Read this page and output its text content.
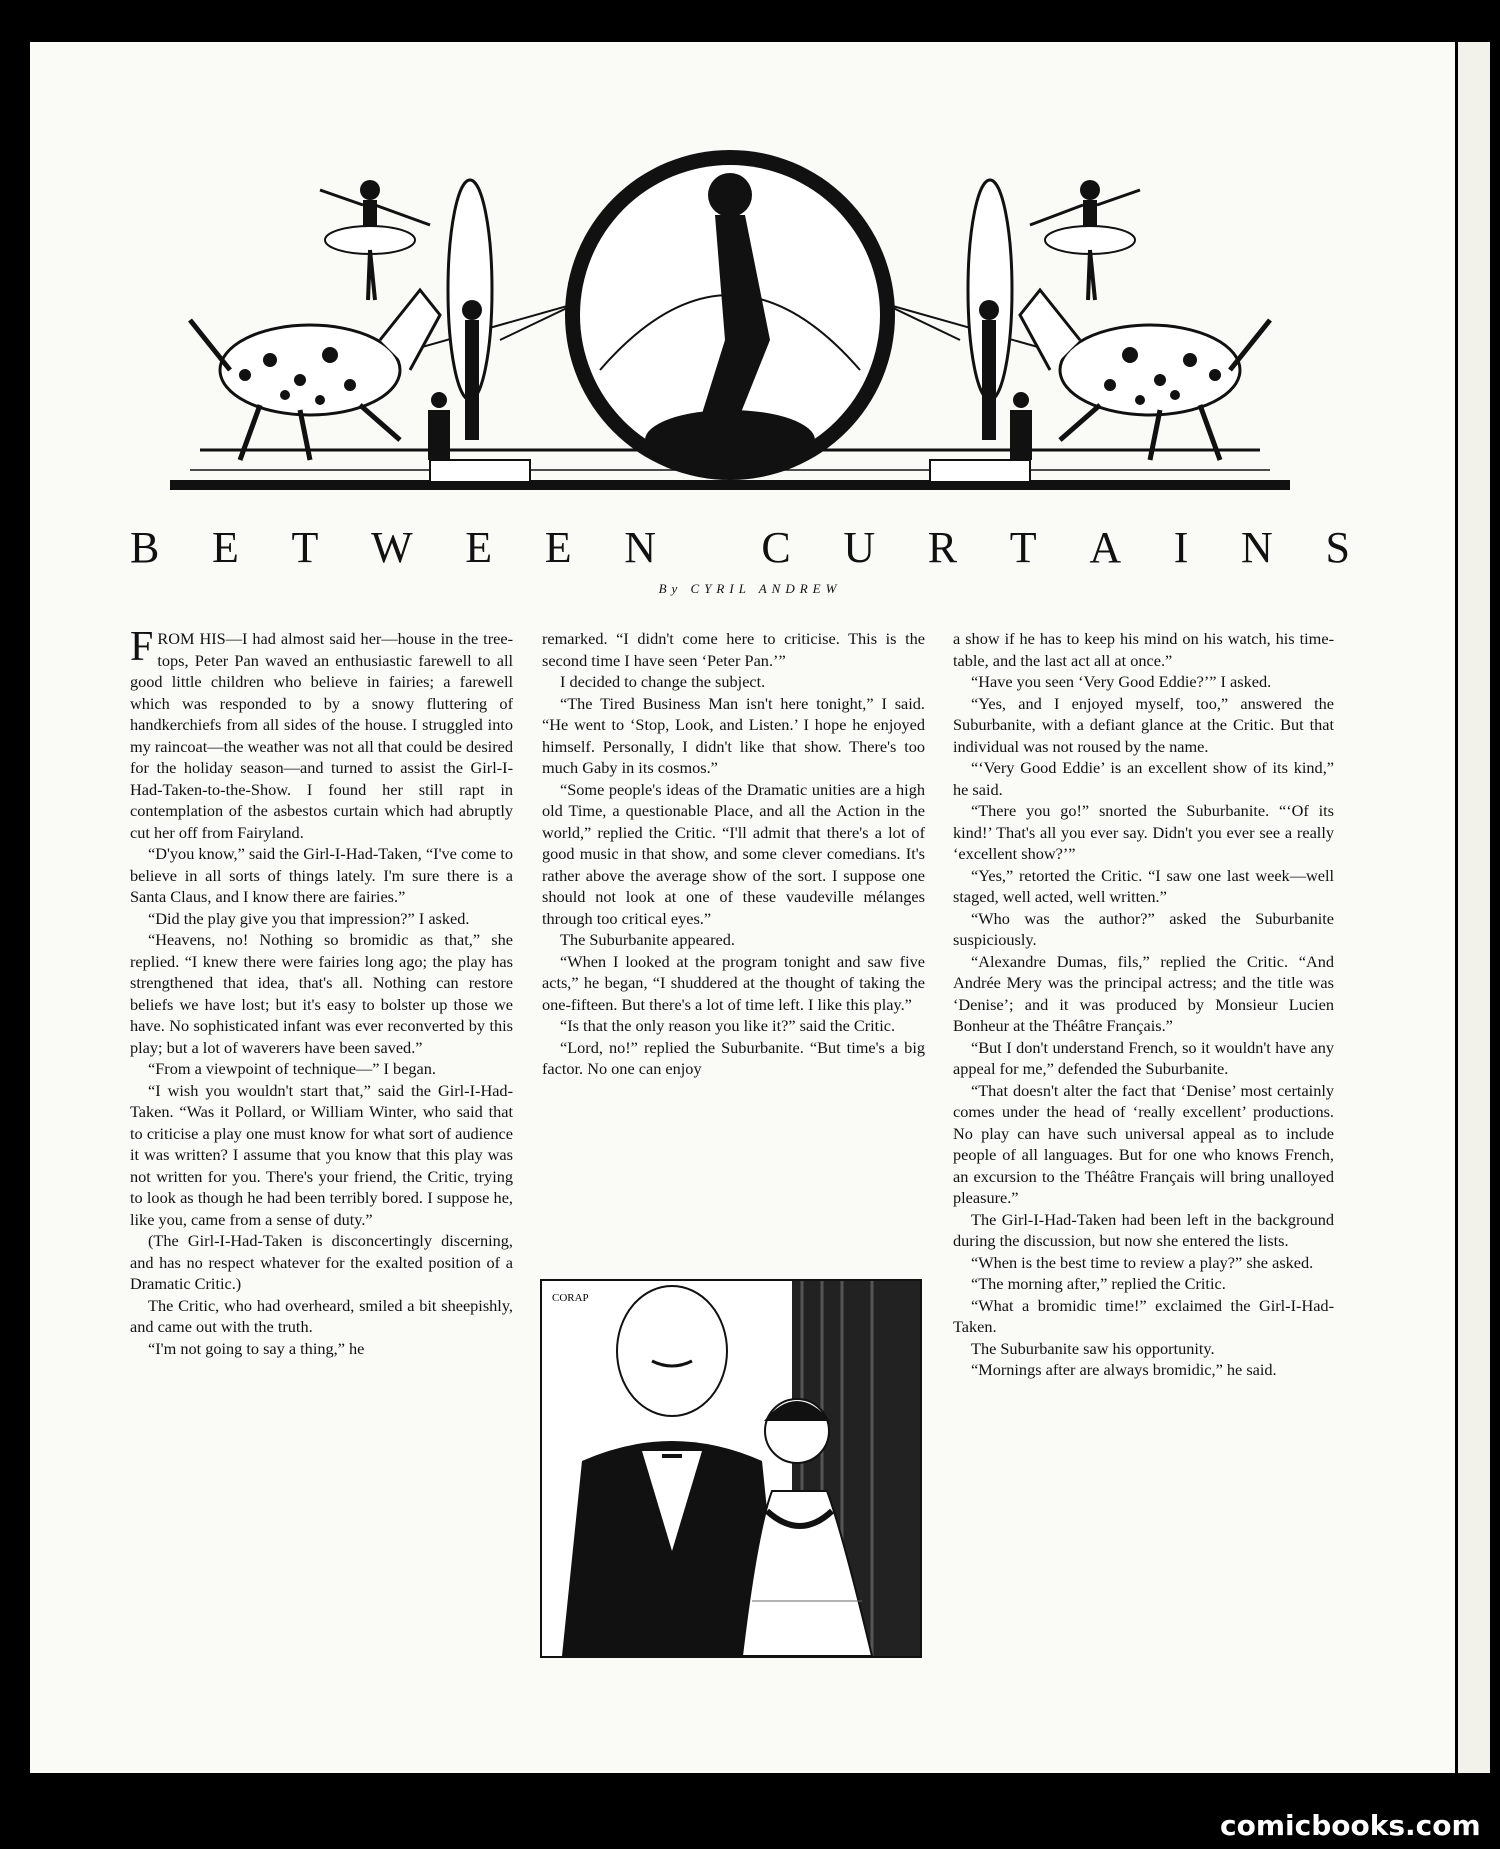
B E T W E E N C U R T A I N S
By CYRIL ANDREW

FROM HIS—I had almost said her—house in the tree-tops, Peter Pan waved an enthusiastic farewell to all good little children who believe in fairies; a farewell which was responded to by a snowy fluttering of handkerchiefs from all sides of the house. I struggled into my raincoat—the weather was not all that could be desired for the holiday season—and turned to assist the Girl-I-Had-Taken-to-the-Show. I found her still rapt in contemplation of the asbestos curtain which had abruptly cut her off from Fairyland.

“D'you know,” said the Girl-I-Had-Taken, “I've come to believe in all sorts of things lately. I'm sure there is a Santa Claus, and I know there are fairies.”

“Did the play give you that impression?” I asked.

“Heavens, no! Nothing so bromidic as that,” she replied. “I knew there were fairies long ago; the play has strengthened that idea, that's all. Nothing can restore beliefs we have lost; but it's easy to bolster up those we have. No sophisticated infant was ever reconverted by this play; but a lot of waverers have been saved.”

“From a viewpoint of technique—” I began.

“I wish you wouldn't start that,” said the Girl-I-Had-Taken. “Was it Pollard, or William Winter, who said that to criticise a play one must know for what sort of audience it was written? I assume that you know that this play was not written for you. There's your friend, the Critic, trying to look as though he had been terribly bored. I suppose he, like you, came from a sense of duty.”

(The Girl-I-Had-Taken is disconcertingly discerning, and has no respect whatever for the exalted position of a Dramatic Critic.)

The Critic, who had overheard, smiled a bit sheepishly, and came out with the truth.

“I'm not going to say a thing,” he

remarked. “I didn't come here to criticise. This is the second time I have seen ‘Peter Pan.’”

I decided to change the subject.

“The Tired Business Man isn't here tonight,” I said. “He went to ‘Stop, Look, and Listen.’ I hope he enjoyed himself. Personally, I didn't like that show. There's too much Gaby in its cosmos.”

“Some people's ideas of the Dramatic unities are a high old Time, a questionable Place, and all the Action in the world,” replied the Critic. “I'll admit that there's a lot of good music in that show, and some clever comedians. It's rather above the average show of the sort. I suppose one should not look at one of these vaudeville mélanges through too critical eyes.”

The Suburbanite appeared.

“When I looked at the program tonight and saw five acts,” he began, “I shuddered at the thought of taking the one-fifteen. But there's a lot of time left. I like this play.”

“Is that the only reason you like it?” said the Critic.

“Lord, no!” replied the Suburbanite. “But time's a big factor. No one can enjoy

CORAP

a show if he has to keep his mind on his watch, his time-table, and the last act all at once.”

“Have you seen ‘Very Good Eddie?’” I asked.

“Yes, and I enjoyed myself, too,” answered the Suburbanite, with a defiant glance at the Critic. But that individual was not roused by the name.

“‘Very Good Eddie’ is an excellent show of its kind,” he said.

“There you go!” snorted the Suburbanite. “‘Of its kind!’ That's all you ever say. Didn't you ever see a really ‘excellent show?’”

“Yes,” retorted the Critic. “I saw one last week—well staged, well acted, well written.”

“Who was the author?” asked the Suburbanite suspiciously.

“Alexandre Dumas, fils,” replied the Critic. “And Andrée Mery was the principal actress; and the title was ‘Denise’; and it was produced by Monsieur Lucien Bonheur at the Théâtre Français.”

“But I don't understand French, so it wouldn't have any appeal for me,” defended the Suburbanite.

“That doesn't alter the fact that ‘Denise’ most certainly comes under the head of ‘really excellent’ productions. No play can have such universal appeal as to include people of all languages. But for one who knows French, an excursion to the Théâtre Français will bring unalloyed pleasure.”

The Girl-I-Had-Taken had been left in the background during the discussion, but now she entered the lists.

“When is the best time to review a play?” she asked.

“The morning after,” replied the Critic.

“What a bromidic time!” exclaimed the Girl-I-Had-Taken.

The Suburbanite saw his opportunity.

“Mornings after are always bromidic,” he said.

comicbooks.com
